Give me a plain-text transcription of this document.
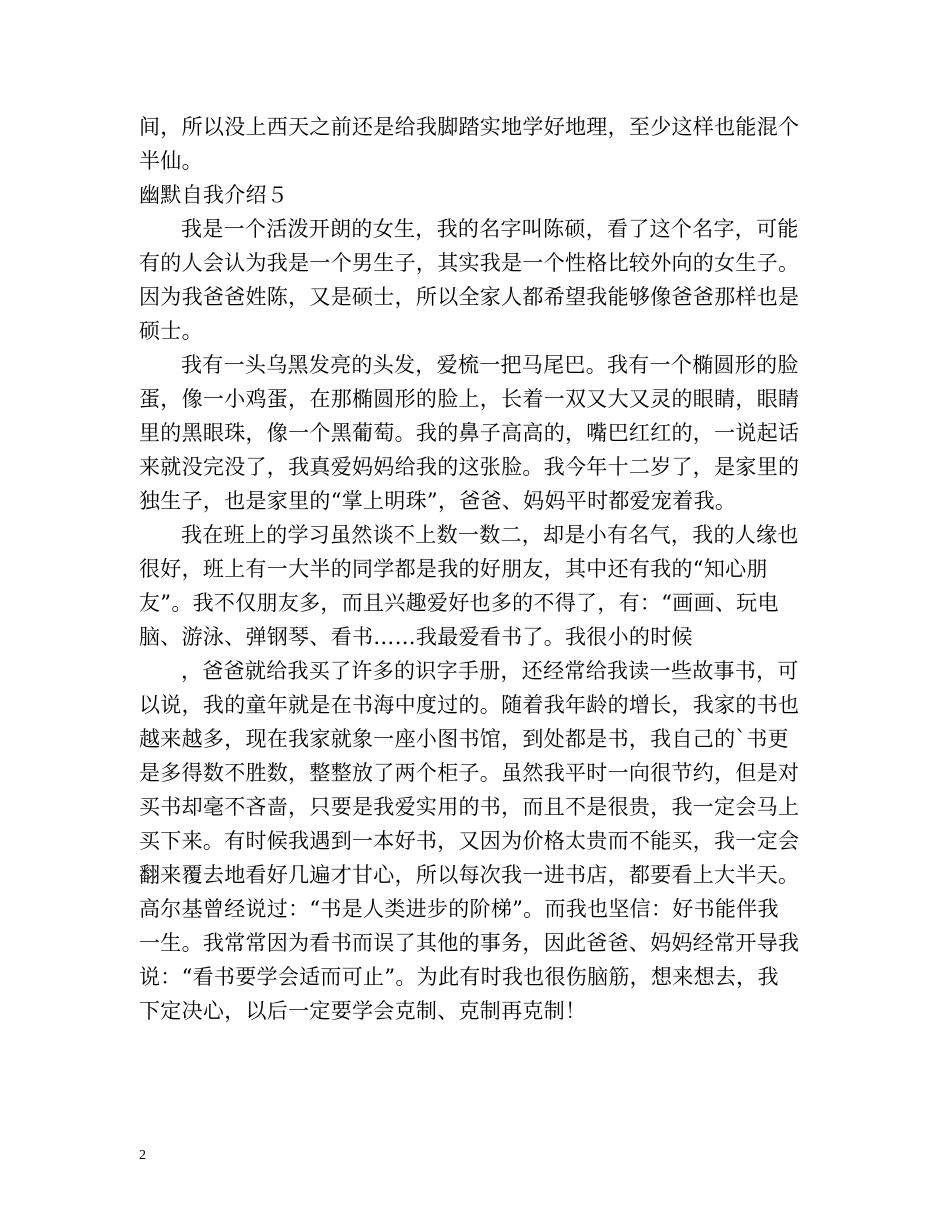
间，所以没上西天之前还是给我脚踏实地学好地理，至少这样也能混个
半仙。
幽默自我介绍５
我是一个活泼开朗的女生，我的名字叫陈硕，看了这个名字，可能
有的人会认为我是一个男生子，其实我是一个性格比较外向的女生子。
因为我爸爸姓陈，又是硕士，所以全家人都希望我能够像爸爸那样也是
硕士。
我有一头乌黑发亮的头发，爱梳一把马尾巴。我有一个椭圆形的脸
蛋，像一小鸡蛋，在那椭圆形的脸上，长着一双又大又灵的眼睛，眼睛
里的黑眼珠，像一个黑葡萄。我的鼻子高高的，嘴巴红红的，一说起话
来就没完没了，我真爱妈妈给我的这张脸。我今年十二岁了，是家里的
独生子，也是家里的“掌上明珠”，爸爸、妈妈平时都爱宠着我。
我在班上的学习虽然谈不上数一数二，却是小有名气，我的人缘也
很好，班上有一大半的同学都是我的好朋友，其中还有我的“知心朋
友”。我不仅朋友多，而且兴趣爱好也多的不得了，有：“画画、玩电
脑、游泳、弹钢琴、看书……我最爱看书了。我很小的时候
，爸爸就给我买了许多的识字手册，还经常给我读一些故事书，可
以说，我的童年就是在书海中度过的。随着我年龄的增长，我家的书也
越来越多，现在我家就象一座小图书馆，到处都是书，我自己的`书更
是多得数不胜数，整整放了两个柜子。虽然我平时一向很节约，但是对
买书却毫不吝啬，只要是我爱实用的书，而且不是很贵，我一定会马上
买下来。有时候我遇到一本好书，又因为价格太贵而不能买，我一定会
翻来覆去地看好几遍才甘心，所以每次我一进书店，都要看上大半天。
高尔基曾经说过：“书是人类进步的阶梯”。而我也坚信：好书能伴我
一生。我常常因为看书而误了其他的事务，因此爸爸、妈妈经常开导我
说：“看书要学会适而可止”。为此有时我也很伤脑筋，想来想去，我
下定决心，以后一定要学会克制、克制再克制！
2
